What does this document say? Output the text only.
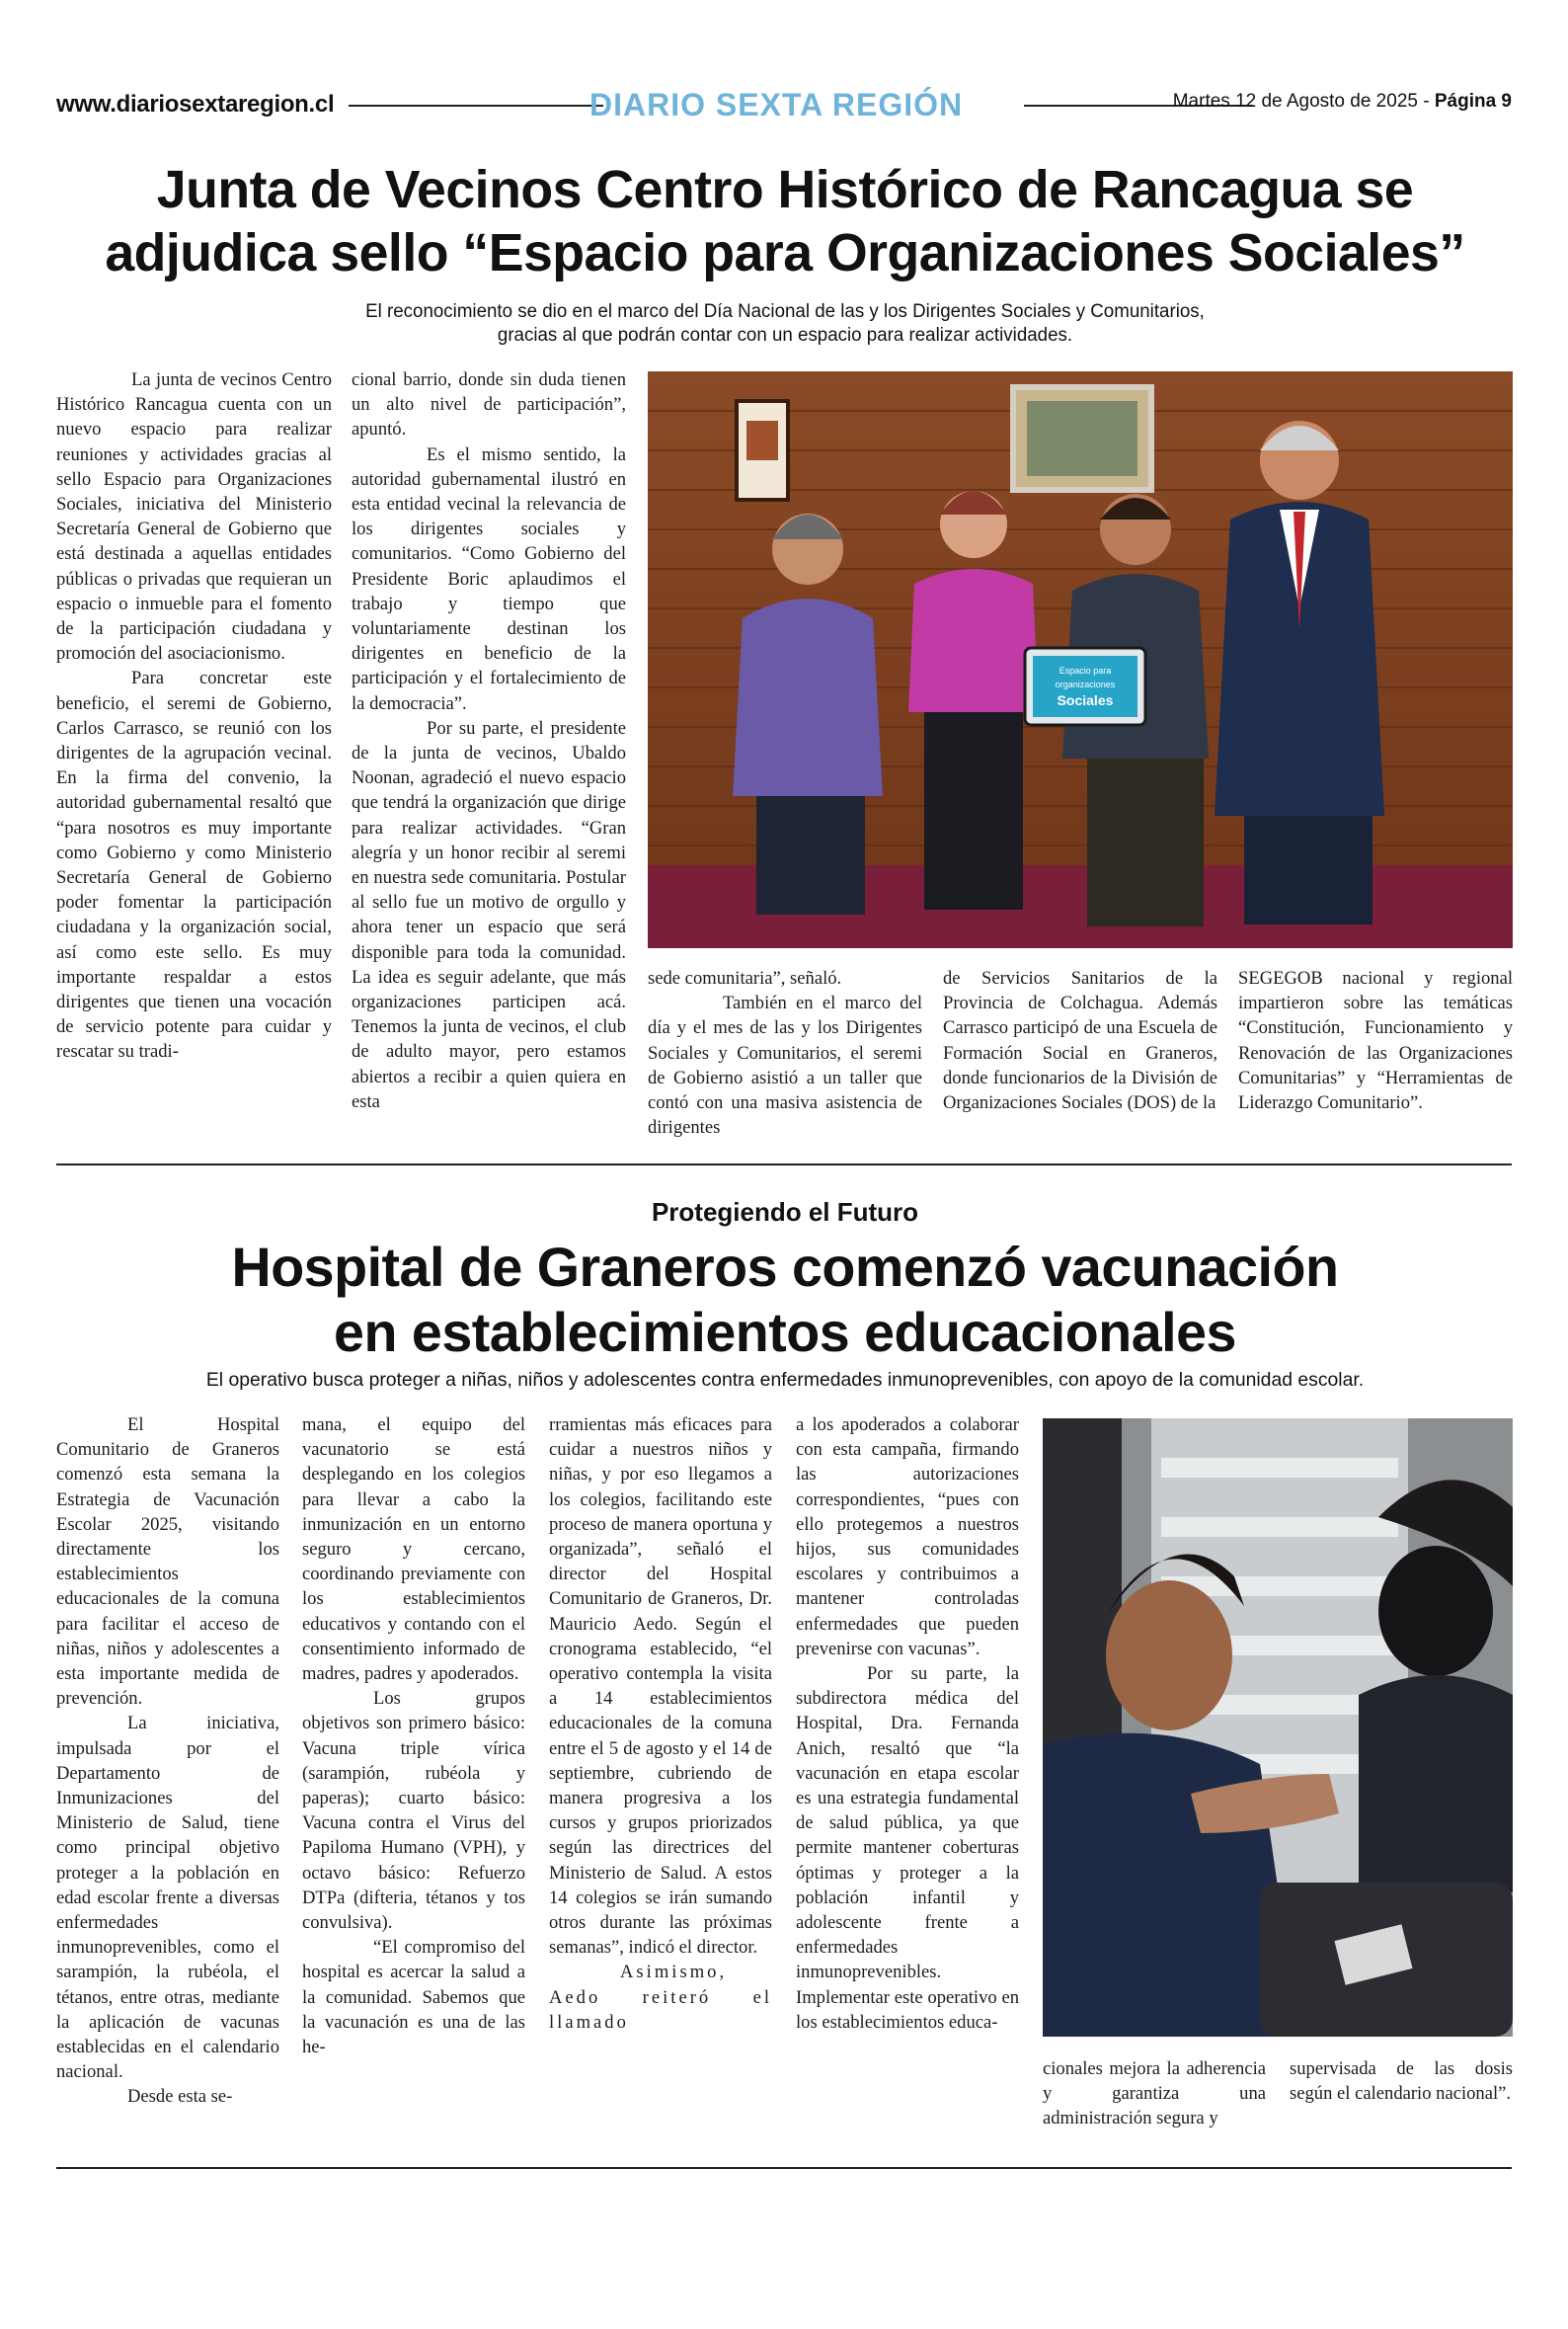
www.diariosextaregion.cl	DIARIO SEXTA REGIÓN	Martes 12 de Agosto de 2025 - Página 9
Junta de Vecinos Centro Histórico de Rancagua se
adjudica sello “Espacio para Organizaciones Sociales”
El reconocimiento se dio en el marco del Día Nacional de las y los Dirigentes Sociales y Comunitarios,
gracias al que podrán contar con un espacio para realizar actividades.

La junta de vecinos Centro Histórico Rancagua cuenta con un nuevo espacio para realizar reuniones y actividades gracias al sello Espacio para Organizaciones Sociales, iniciativa del Ministerio Secretaría General de Gobierno que está destinada a aquellas entidades públicas o privadas que requieran un espacio o inmueble para el fomento de la participación ciudadana y promoción del asociacionismo.

Para concretar este beneficio, el seremi de Gobierno, Carlos Carrasco, se reunió con los dirigentes de la agrupación vecinal. En la firma del convenio, la autoridad gubernamental resaltó que “para nosotros es muy importante como Gobierno y como Ministerio Secretaría General de Gobierno poder fomentar la participación ciudadana y la organización social, así como este sello. Es muy importante respaldar a estos dirigentes que tienen una vocación de servicio potente para cuidar y rescatar su tradi-

cional barrio, donde sin duda tienen un alto nivel de participación”, apuntó.

Es el mismo sentido, la autoridad gubernamental ilustró en esta entidad vecinal la relevancia de los dirigentes sociales y comunitarios. “Como Gobierno del Presidente Boric aplaudimos el trabajo y tiempo que voluntariamente destinan los dirigentes en beneficio de la participación y el fortalecimiento de la democracia”.

Por su parte, el presidente de la junta de vecinos, Ubaldo Noonan, agradeció el nuevo espacio que tendrá la organización que dirige para realizar actividades. “Gran alegría y un honor recibir al seremi en nuestra sede comunitaria. Postular al sello fue un motivo de orgullo y ahora tener un espacio que será disponible para toda la comunidad. La idea es seguir adelante, que más organizaciones participen acá. Tenemos la junta de vecinos, el club de adulto mayor, pero estamos abiertos a recibir a quien quiera en esta

Espacio para
organizaciones
Sociales

sede comunitaria”, señaló.

También en el marco del día y el mes de las y los Dirigentes Sociales y Comunitarios, el seremi de Gobierno asistió a un taller que contó con una masiva asistencia de dirigentes

de Servicios Sanitarios de la Provincia de Colchagua. Además Carrasco participó de una Escuela de Formación Social en Graneros, donde funcionarios de la División de Organizaciones Sociales (DOS) de la

SEGEGOB nacional y regional impartieron sobre las temáticas “Constitución, Funcionamiento y Renovación de las Organizaciones Comunitarias” y “Herramientas de Liderazgo Comunitario”.

Protegiendo el Futuro
Hospital de Graneros comenzó vacunación
en establecimientos educacionales
El operativo busca proteger a niñas, niños y adolescentes contra enfermedades inmunoprevenibles, con apoyo de la comunidad escolar.

El Hospital Comunitario de Graneros comenzó esta semana la Estrategia de Vacunación Escolar 2025, visitando directamente los establecimientos educacionales de la comuna para facilitar el acceso de niñas, niños y adolescentes a esta importante medida de prevención.

La iniciativa, impulsada por el Departamento de Inmunizaciones del Ministerio de Salud, tiene como principal objetivo proteger a la población en edad escolar frente a diversas enfermedades inmunoprevenibles, como el sarampión, la rubéola, el tétanos, entre otras, mediante la aplicación de vacunas establecidas en el calendario nacional.

Desde esta se-

mana, el equipo del vacunatorio se está desplegando en los colegios para llevar a cabo la inmunización en un entorno seguro y cercano, coordinando previamente con los establecimientos educativos y contando con el consentimiento informado de madres, padres y apoderados.

Los grupos objetivos son primero básico: Vacuna triple vírica (sarampión, rubéola y paperas); cuarto básico: Vacuna contra el Virus del Papiloma Humano (VPH), y octavo básico: Refuerzo DTPa (difteria, tétanos y tos convulsiva).

“El compromiso del hospital es acercar la salud a la comunidad. Sabemos que la vacunación es una de las he-

rramientas más eficaces para cuidar a nuestros niños y niñas, y por eso llegamos a los colegios, facilitando este proceso de manera oportuna y organizada”, señaló el director del Hospital Comunitario de Graneros, Dr. Mauricio Aedo. Según el cronograma establecido, “el operativo contempla la visita a 14 establecimientos educacionales de la comuna entre el 5 de agosto y el 14 de septiembre, cubriendo de manera progresiva a los cursos y grupos priorizados según las directrices del Ministerio de Salud. A estos 14 colegios se irán sumando otros durante las próximas semanas”, indicó el director.

Asimismo, Aedo reiteró el llamado

a los apoderados a colaborar con esta campaña, firmando las autorizaciones correspondientes, “pues con ello protegemos a nuestros hijos, sus comunidades escolares y contribuimos a mantener controladas enfermedades que pueden prevenirse con vacunas”.

Por su parte, la subdirectora médica del Hospital, Dra. Fernanda Anich, resaltó que “la vacunación en etapa escolar es una estrategia fundamental de salud pública, ya que permite mantener coberturas óptimas y proteger a la población infantil y adolescente frente a enfermedades inmunoprevenibles. Implementar este operativo en los establecimientos educa-

cionales mejora la adherencia y garantiza una administración segura y

supervisada de las dosis según el calendario nacional”.
